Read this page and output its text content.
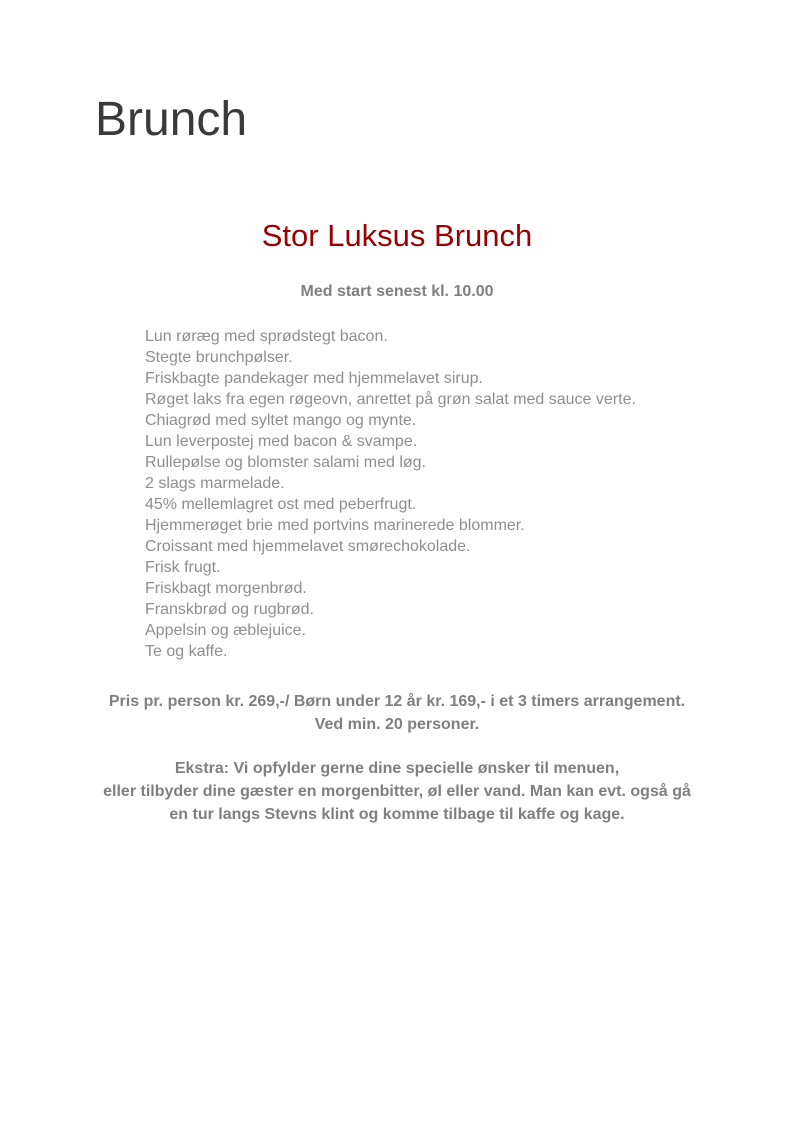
Brunch
Stor Luksus Brunch
Med start senest kl. 10.00
Lun røræg med sprødstegt bacon.
Stegte brunchpølser.
Friskbagte pandekager med hjemmelavet sirup.
Røget laks fra egen røgeovn, anrettet på grøn salat med sauce verte.
Chiagrød med syltet mango og mynte.
Lun leverpostej med bacon & svampe.
Rullepølse og blomster salami med løg.
2 slags marmelade.
45% mellemlagret ost med peberfrugt.
Hjemmerøget brie med portvins marinerede blommer.
Croissant med hjemmelavet smørechokolade.
Frisk frugt.
Friskbagt morgenbrød.
Franskbrød og rugbrød.
Appelsin og æblejuice.
Te og kaffe.
Pris pr. person kr. 269,-/ Børn under 12 år kr. 169,- i et 3 timers arrangement.
Ved min. 20 personer.
Ekstra: Vi opfylder gerne dine specielle ønsker til menuen,
eller tilbyder dine gæster en morgenbitter, øl eller vand. Man kan evt. også gå
en tur langs Stevns klint og komme tilbage til kaffe og kage.
